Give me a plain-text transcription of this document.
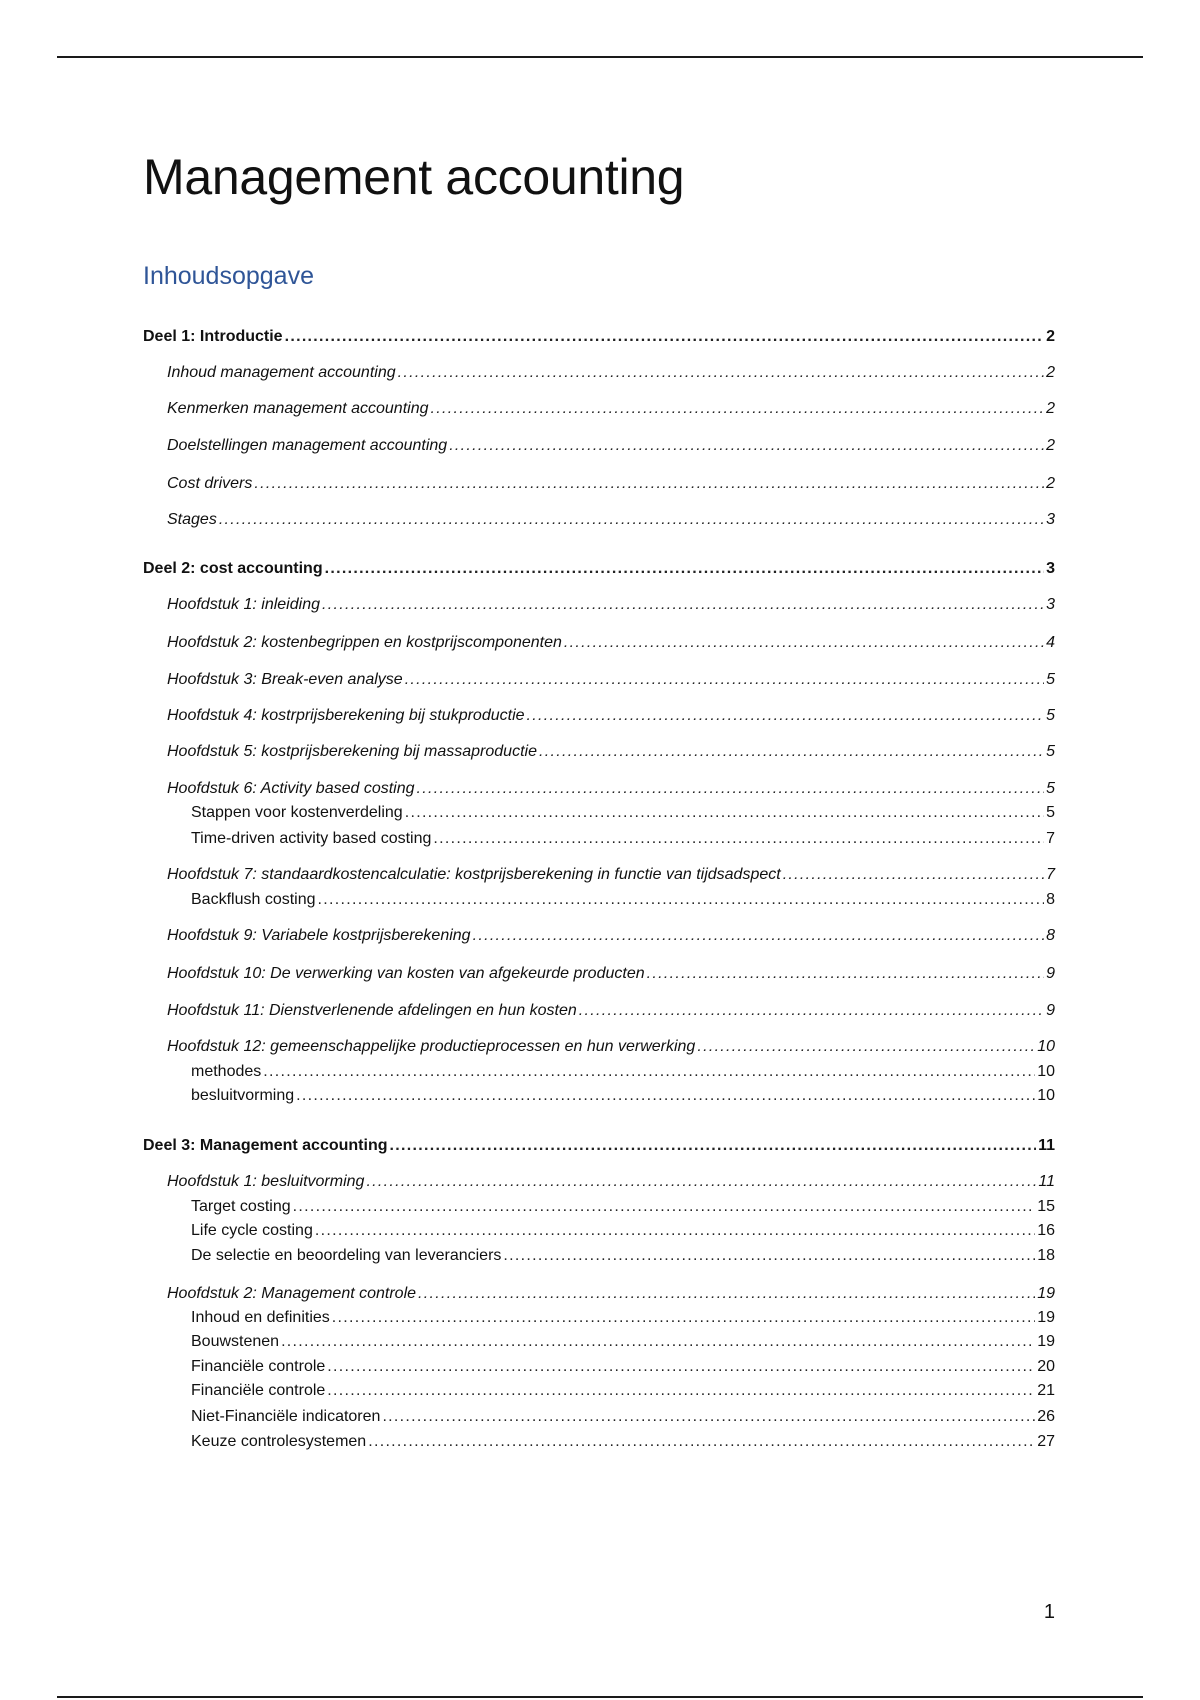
Management accounting
Inhoudsopgave
Deel 1: Introductie .....	2
Inhoud management accounting .....	2
Kenmerken management accounting .....	2
Doelstellingen management accounting .....	2
Cost drivers .....	2
Stages .....	3
Deel 2: cost accounting .....	3
Hoofdstuk 1: inleiding .....	3
Hoofdstuk 2: kostenbegrippen en kostprijscomponenten .....	4
Hoofdstuk 3: Break-even analyse .....	5
Hoofdstuk 4: kostrprijsberekening bij stukproductie .....	5
Hoofdstuk 5: kostprijsberekening bij massaproductie .....	5
Hoofdstuk 6: Activity based costing .....	5
Stappen voor kostenverdeling .....	5
Time-driven activity based costing .....	7
Hoofdstuk 7: standaardkostencalculatie: kostprijsberekening in functie van tijdsadspect .....	7
Backflush costing .....	8
Hoofdstuk 9: Variabele kostprijsberekening .....	8
Hoofdstuk 10: De verwerking van kosten van afgekeurde producten .....	9
Hoofdstuk 11: Dienstverlenende afdelingen en hun kosten .....	9
Hoofdstuk 12: gemeenschappelijke productieprocessen en hun verwerking .....	10
methodes .....	10
besluitvorming .....	10
Deel 3: Management accounting .....	11
Hoofdstuk 1: besluitvorming .....	11
Target costing .....	15
Life cycle costing .....	16
De selectie en beoordeling van leveranciers .....	18
Hoofdstuk 2: Management controle .....	19
Inhoud en definities .....	19
Bouwstenen .....	19
Financiële controle .....	20
Financiële controle .....	21
Niet-Financiële indicatoren .....	26
Keuze controlesystemen .....	27
1
